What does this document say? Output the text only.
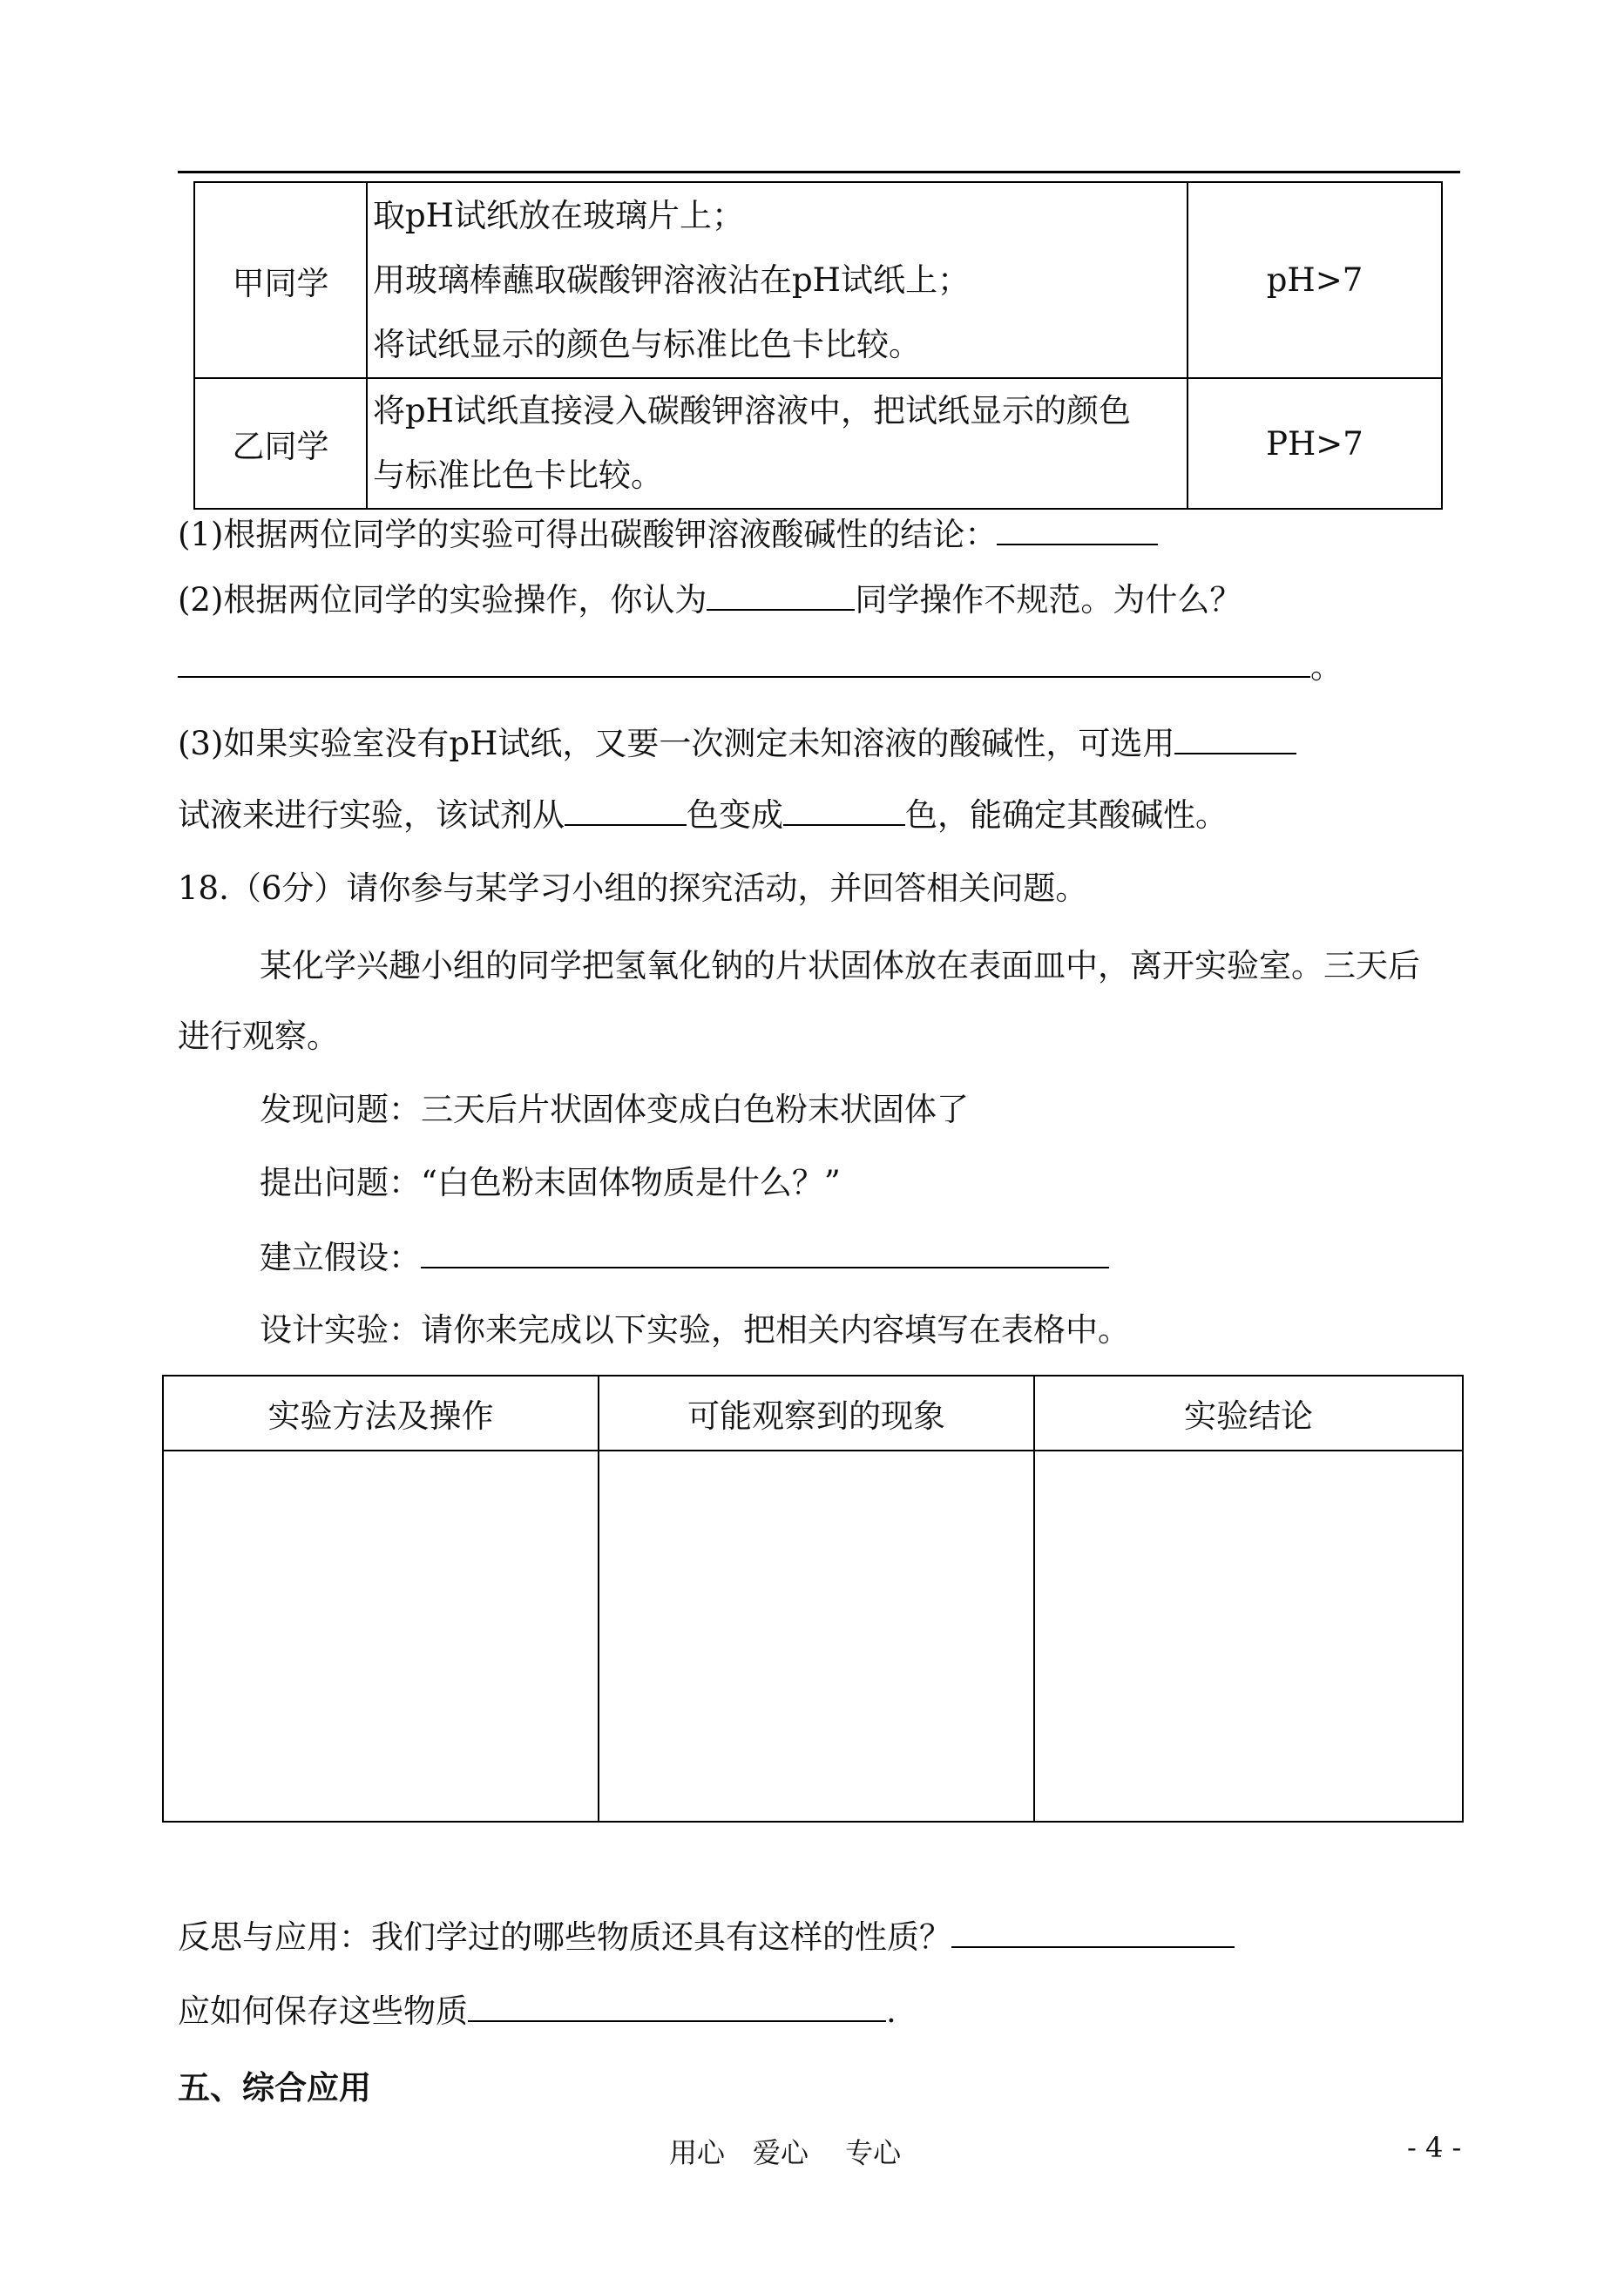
甲同学	取pH试纸放在玻璃片上；
用玻璃棒蘸取碳酸钾溶液沾在pH试纸上；
将试纸显示的颜色与标准比色卡比较。	pH>7
乙同学	将pH试纸直接浸入碳酸钾溶液中，把试纸显示的颜色
与标准比色卡比较。	PH>7
(1)根据两位同学的实验可得出碳酸钾溶液酸碱性的结论：
(2)根据两位同学的实验操作，你认为	同学操作不规范。为什么？
。
(3)如果实验室没有pH试纸，又要一次测定未知溶液的酸碱性，可选用
试液来进行实验，该试剂从	色变成	色，能确定其酸碱性。
18.（6分）请你参与某学习小组的探究活动，并回答相关问题。
某化学兴趣小组的同学把氢氧化钠的片状固体放在表面皿中，离开实验室。三天后
进行观察。
发现问题：三天后片状固体变成白色粉末状固体了
提出问题：“白色粉末固体物质是什么？”
建立假设：
设计实验：请你来完成以下实验，把相关内容填写在表格中。
实验方法及操作	可能观察到的现象	实验结论

反思与应用：我们学过的哪些物质还具有这样的性质？
应如何保存这些物质	.
五、综合应用
用心　爱心　 专心	- 4 -
